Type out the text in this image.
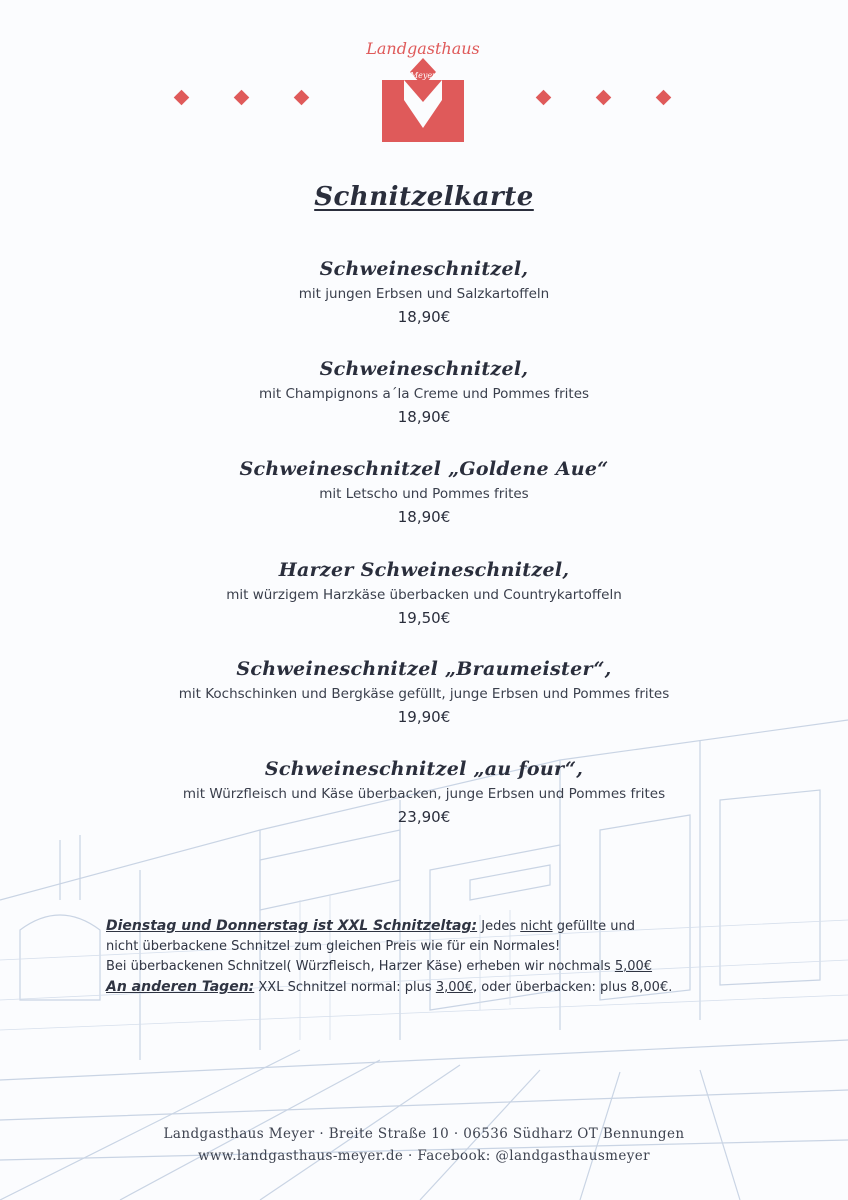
Landgasthaus
Meyer
Schnitzelkarte
Schweineschnitzel,
mit jungen Erbsen und Salzkartoffeln
18,90€
Schweineschnitzel,
mit Champignons a´la Creme und Pommes frites
18,90€
Schweineschnitzel „Goldene Aue“
mit Letscho und Pommes frites
18,90€
Harzer Schweineschnitzel,
mit würzigem Harzkäse überbacken und Countrykartoffeln
19,50€
Schweineschnitzel „Braumeister“,
mit Kochschinken und Bergkäse gefüllt, junge Erbsen und Pommes frites
19,90€
Schweineschnitzel „au four“,
mit Würzfleisch und Käse überbacken, junge Erbsen und Pommes frites
23,90€
Dienstag und Donnerstag ist XXL Schnitzeltag: Jedes nicht gefüllte und
nicht überbackene Schnitzel zum gleichen Preis wie für ein Normales!
Bei überbackenen Schnitzel( Würzfleisch, Harzer Käse) erheben wir nochmals 5,00€
An anderen Tagen: XXL Schnitzel normal: plus 3,00€, oder überbacken: plus 8,00€.
Landgasthaus Meyer · Breite Straße 10 · 06536 Südharz OT Bennungen
www.landgasthaus-meyer.de · Facebook: @landgasthausmeyer
